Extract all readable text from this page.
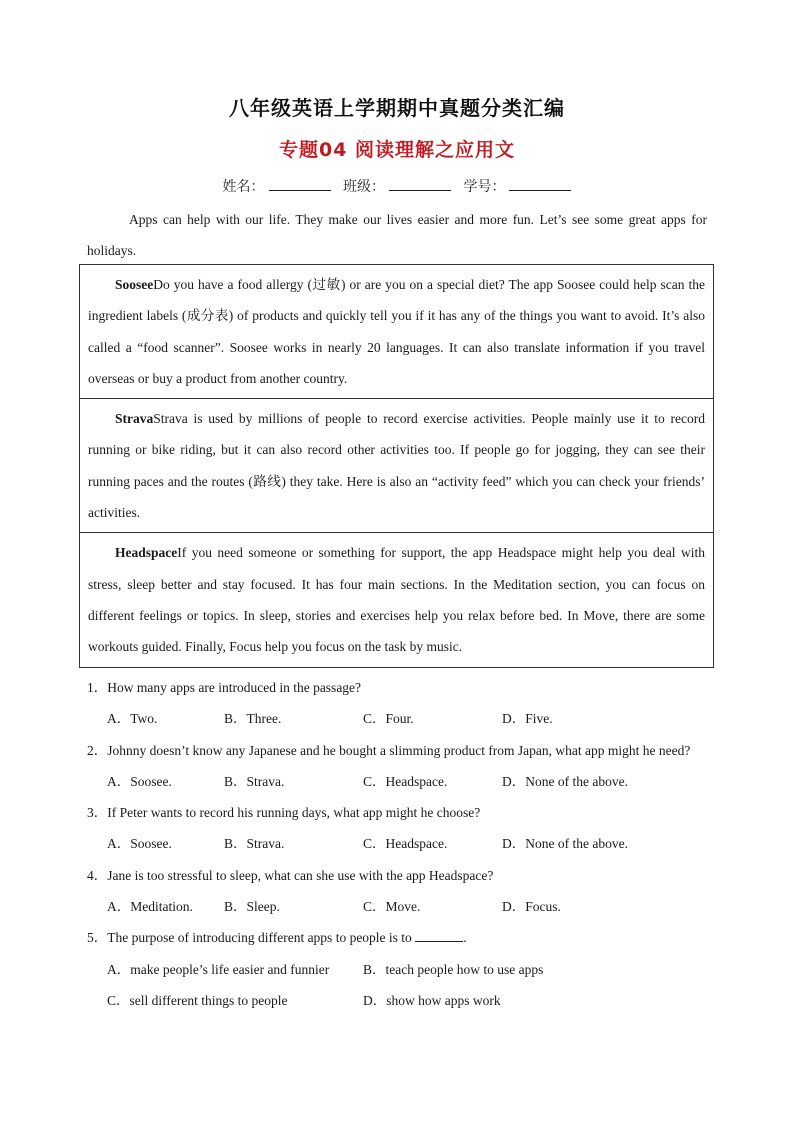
八年级英语上学期期中真题分类汇编
专题04 阅读理解之应用文
姓名：	班级：	学号：
Apps can help with our life. They make our lives easier and more fun. Let’s see some great apps for holidays.
SooseeDo you have a food allergy (过敏) or are you on a special diet? The app Soosee could help scan the ingredient labels (成分表) of products and quickly tell you if it has any of the things you want to avoid. It’s also called a “food scanner”. Soosee works in nearly 20 languages. It can also translate information if you travel overseas or buy a product from another country.
StravaStrava is used by millions of people to record exercise activities. People mainly use it to record running or bike riding, but it can also record other activities too. If people go for jogging, they can see their running paces and the routes (路线) they take. Here is also an “activity feed” which you can check your friends’ activities.
HeadspaceIf you need someone or something for support, the app Headspace might help you deal with stress, sleep better and stay focused. It has four main sections. In the Meditation section, you can focus on different feelings or topics. In sleep, stories and exercises help you relax before bed. In Move, there are some workouts guided. Finally, Focus help you focus on the task by music.
1．How many apps are introduced in the passage?
A．Two.	B．Three.	C．Four.	D．Five.
2．Johnny doesn’t know any Japanese and he bought a slimming product from Japan, what app might he need?
A．Soosee.	B．Strava.	C．Headspace.	D．None of the above.
3．If Peter wants to record his running days, what app might he choose?
A．Soosee.	B．Strava.	C．Headspace.	D．None of the above.
4．Jane is too stressful to sleep, what can she use with the app Headspace?
A．Meditation. B．Sleep.	C．Move.	D．Focus.
5．The purpose of introducing different apps to people is to	.
A．make people’s life easier and funnier B．teach people how to use apps
C．sell different things to people	D．show how apps work
